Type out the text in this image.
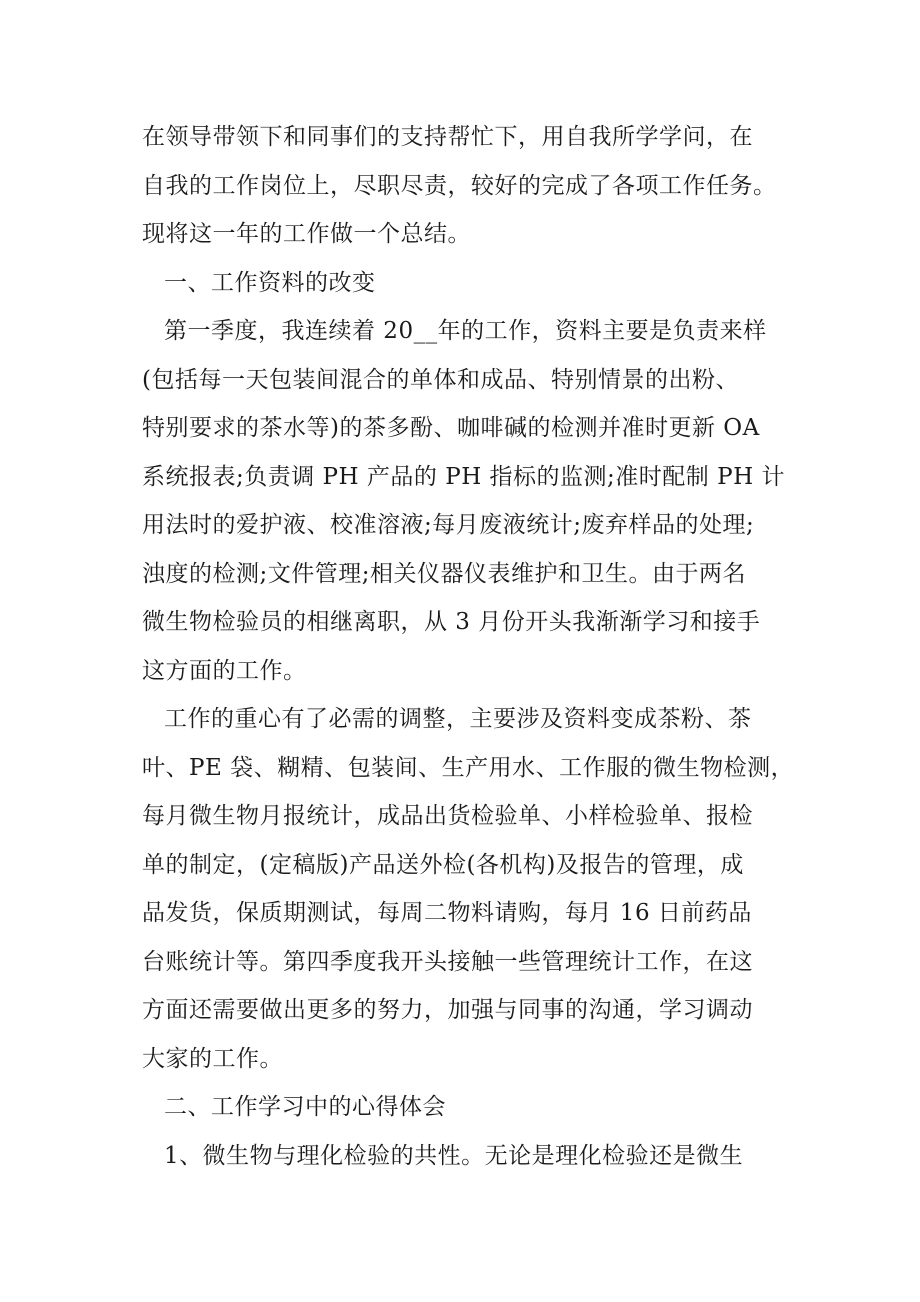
在领导带领下和同事们的支持帮忙下，用自我所学学问，在
自我的工作岗位上，尽职尽责，较好的完成了各项工作任务。
现将这一年的工作做一个总结。
一、工作资料的改变
第一季度，我连续着 20__年的工作，资料主要是负责来样
(包括每一天包装间混合的单体和成品、特别情景的出粉、
特别要求的茶水等)的茶多酚、咖啡碱的检测并准时更新 OA
系统报表;负责调 PH 产品的 PH 指标的监测;准时配制 PH 计
用法时的爱护液、校准溶液;每月废液统计;废弃样品的处理;
浊度的检测;文件管理;相关仪器仪表维护和卫生。由于两名
微生物检验员的相继离职，从 3 月份开头我渐渐学习和接手
这方面的工作。
工作的重心有了必需的调整，主要涉及资料变成茶粉、茶
叶、PE 袋、糊精、包装间、生产用水、工作服的微生物检测，
每月微生物月报统计，成品出货检验单、小样检验单、报检
单的制定，(定稿版)产品送外检(各机构)及报告的管理，成
品发货，保质期测试，每周二物料请购，每月 16 日前药品
台账统计等。第四季度我开头接触一些管理统计工作，在这
方面还需要做出更多的努力，加强与同事的沟通，学习调动
大家的工作。
二、工作学习中的心得体会
1、微生物与理化检验的共性。无论是理化检验还是微生
